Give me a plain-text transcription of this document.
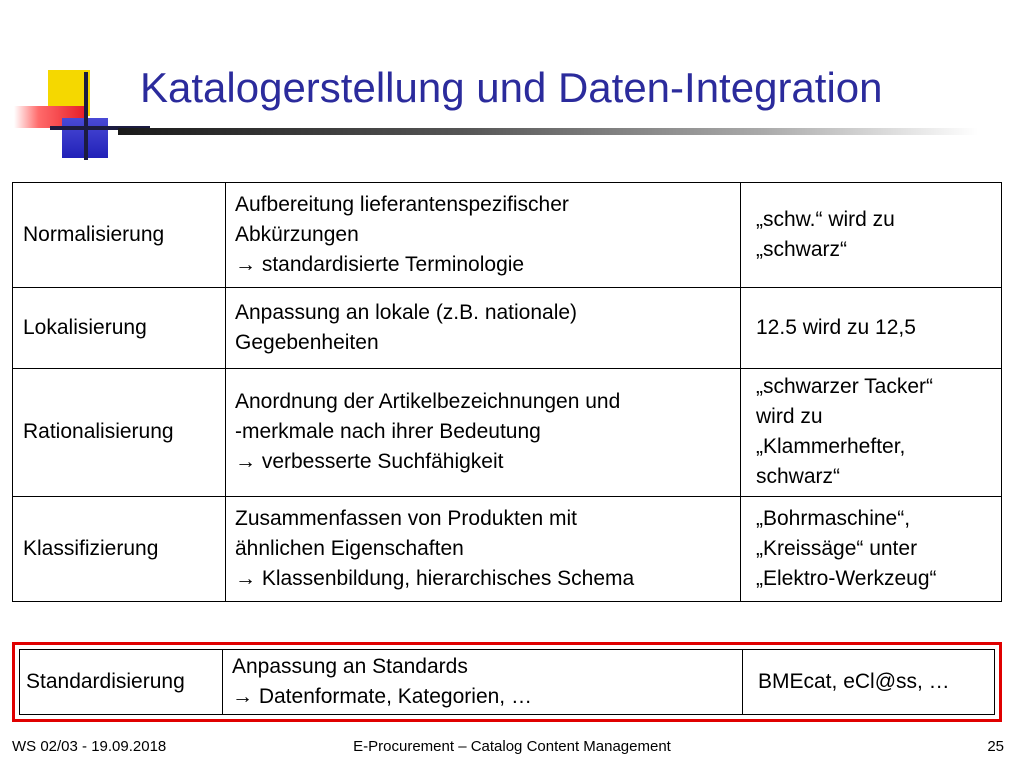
Katalogerstellung und Daten-Integration
Normalisierung
Aufbereitung lieferantenspezifischer
Abkürzungen
→ standardisierte Terminologie
„schw.“ wird zu
„schwarz“
Lokalisierung
Anpassung an lokale (z.B. nationale)
Gegebenheiten
12.5 wird zu 12,5
Rationalisierung
Anordnung der Artikelbezeichnungen und
-merkmale nach ihrer Bedeutung
→ verbesserte Suchfähigkeit
„schwarzer Tacker“
wird zu
„Klammerhefter,
schwarz“
Klassifizierung
Zusammenfassen von Produkten mit
ähnlichen Eigenschaften
→ Klassenbildung, hierarchisches Schema
„Bohrmaschine“,
„Kreissäge“ unter
„Elektro-Werkzeug“
Standardisierung
Anpassung an Standards
→ Datenformate, Kategorien, …
BMEcat, eCl@ss, …
WS 02/03 - 19.09.2018	E-Procurement – Catalog Content Management	25
